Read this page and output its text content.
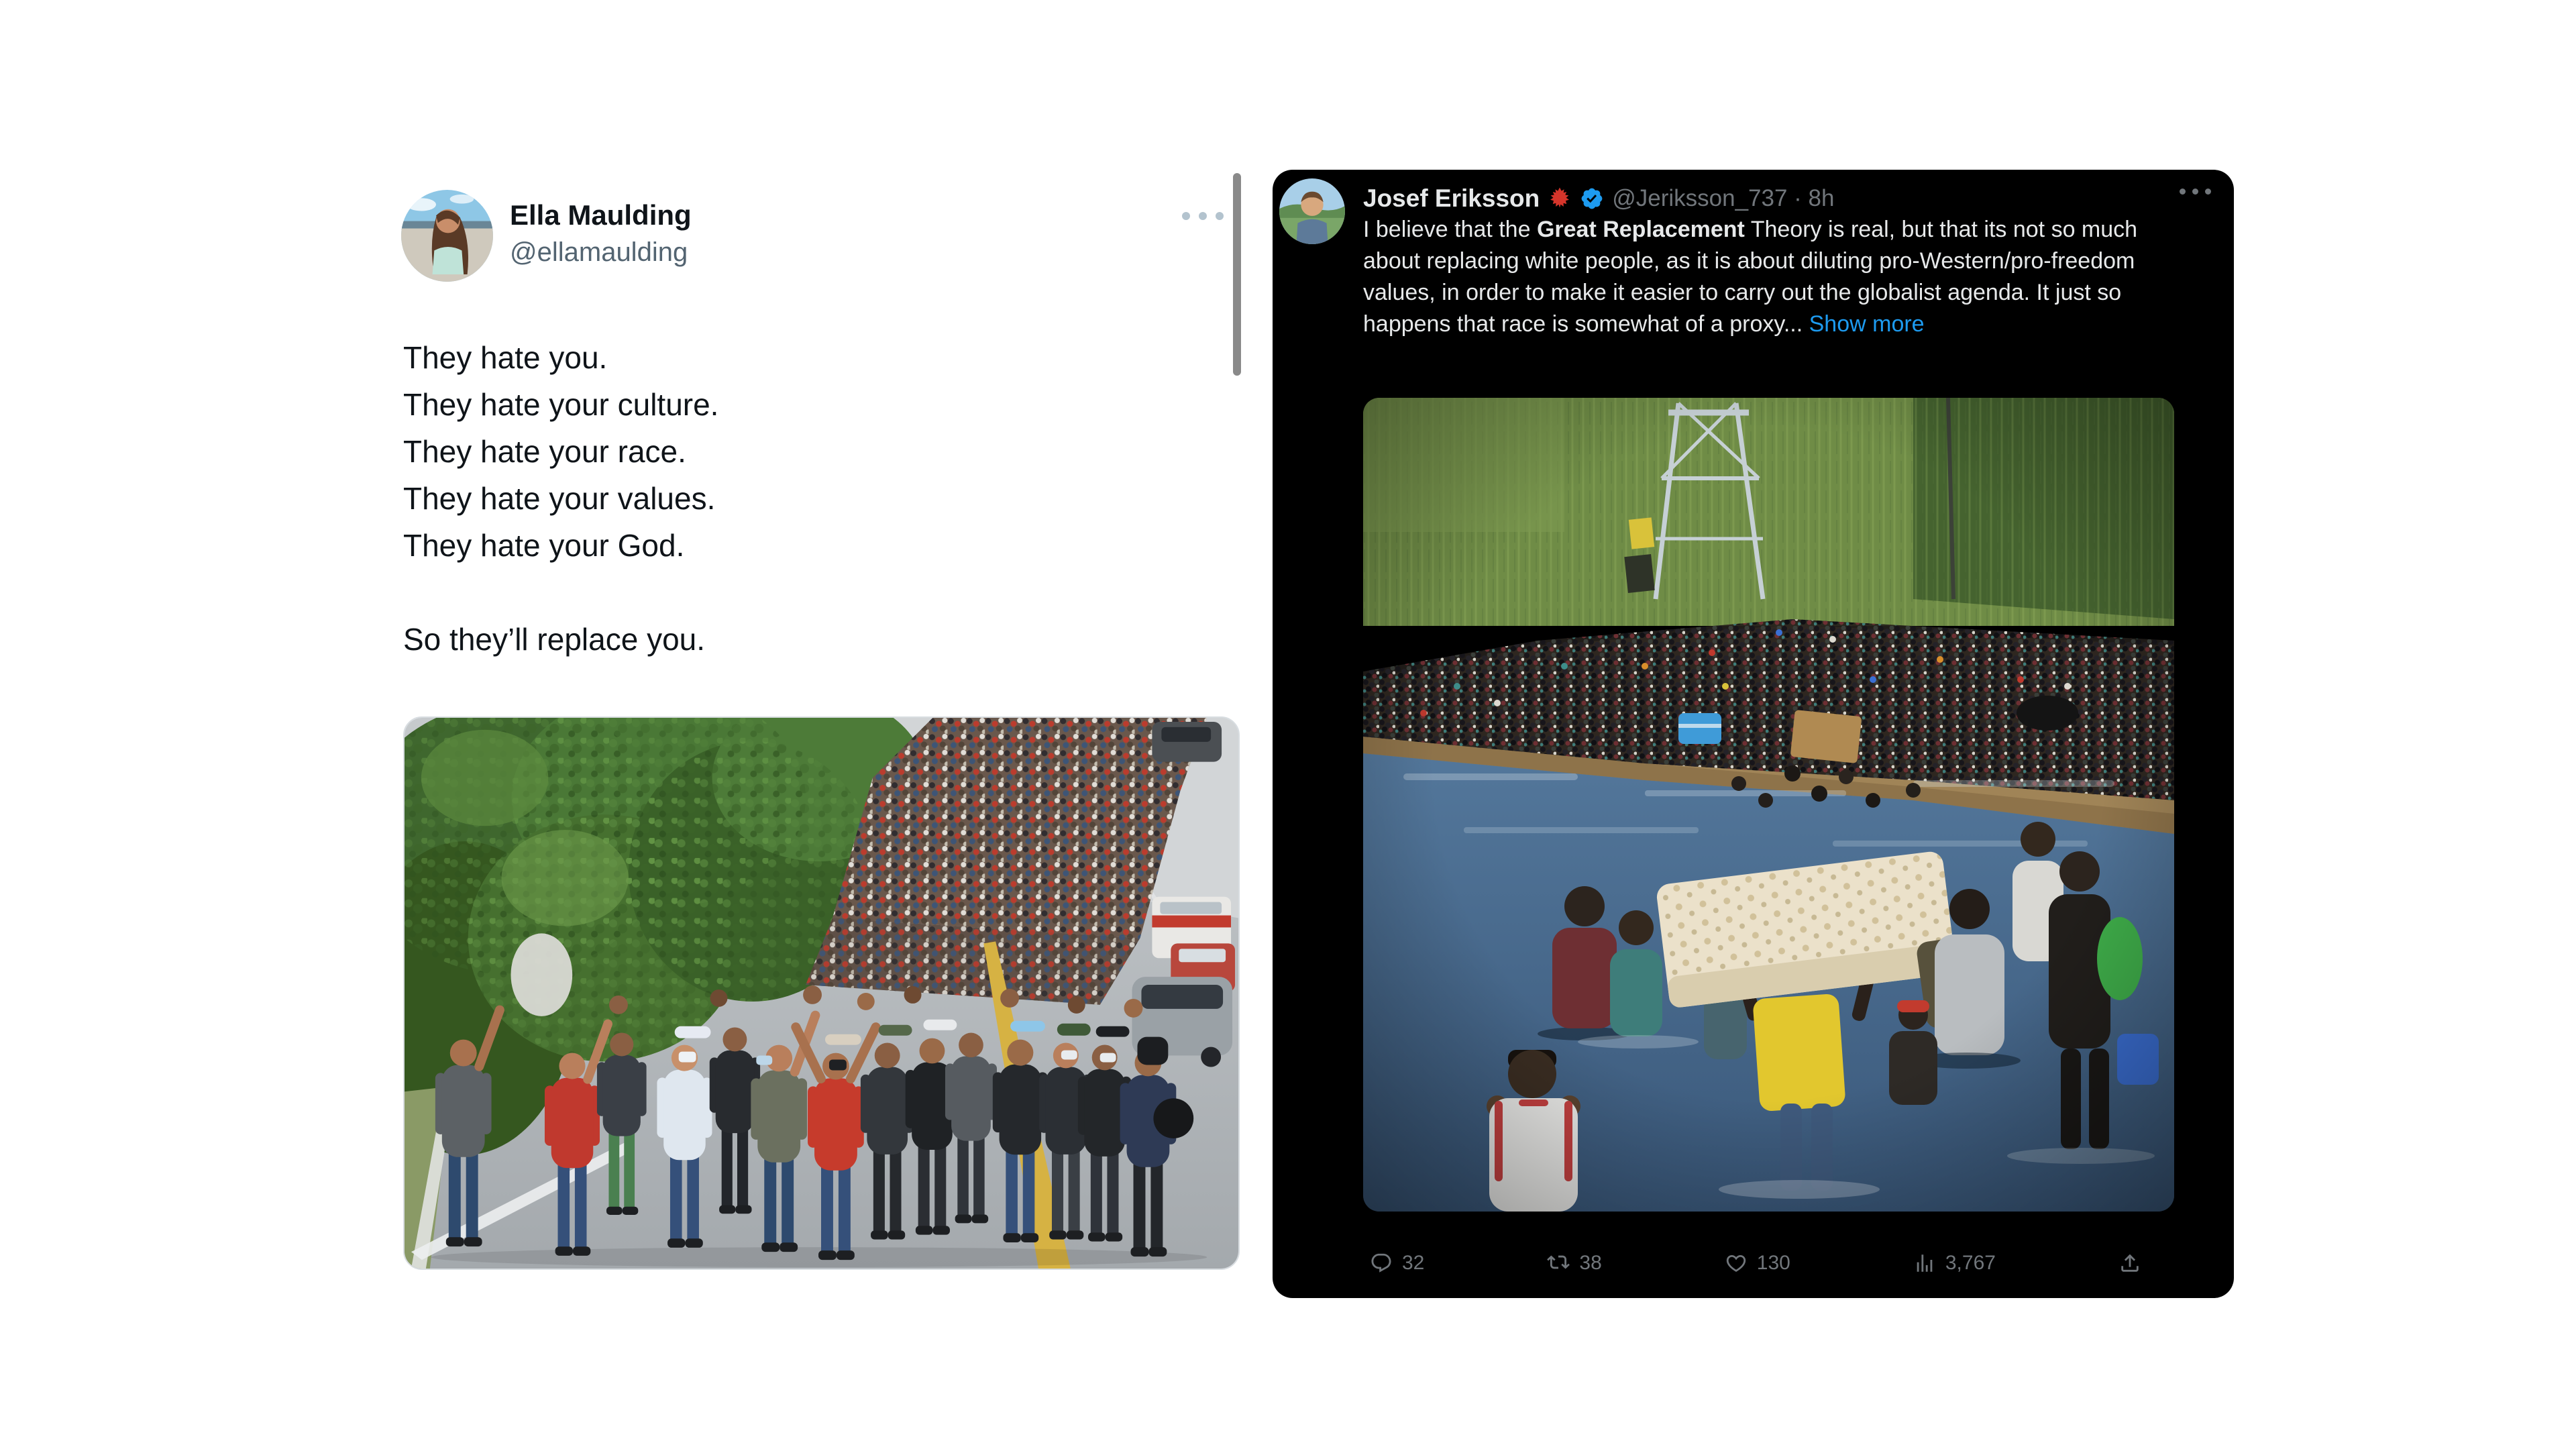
Ella Maulding
@ellamaulding
They hate you.
They hate your culture.
They hate your race.
They hate your values.
They hate your God.
So they’ll replace you.
Josef Eriksson	@Jeriksson_737 · 8h
I believe that the Great Replacement Theory is real, but that its not so much about replacing white people, as it is about diluting pro-Western/pro-freedom values, in order to make it easier to carry out the globalist agenda. It just so happens that race is somewhat of a proxy... Show more
32	38	130	3,767
